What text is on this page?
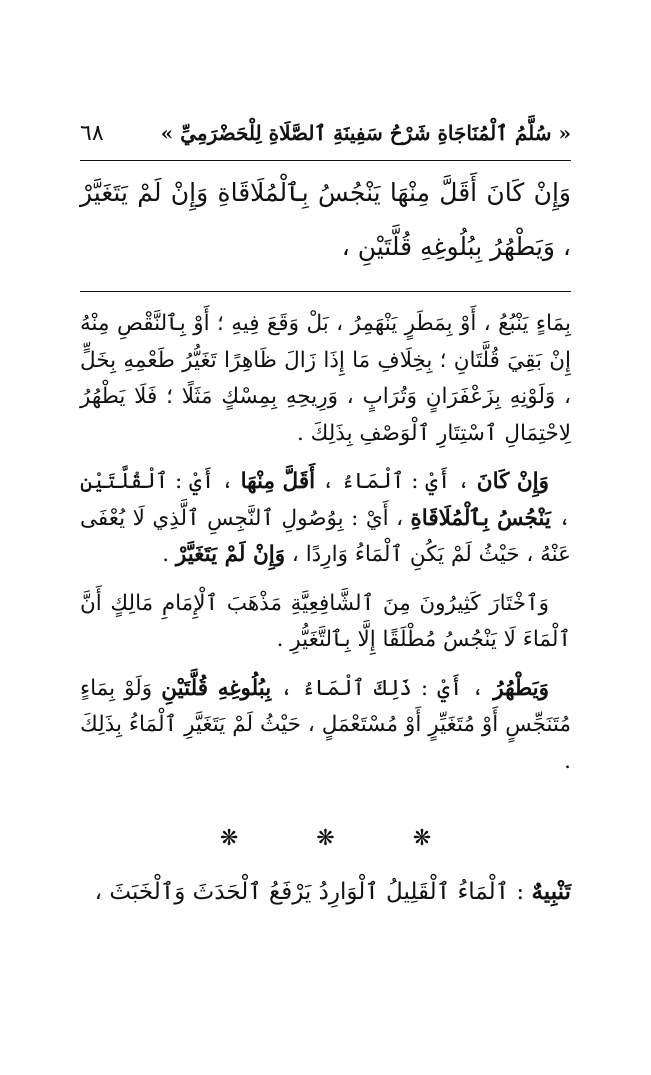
« سُلَّمُ ٱلْمُنَاجَاةِ شَرْحُ سَفِينَةِ ٱلصَّلَاةِ لِلْحَضْرَمِيِّ »
٦٨
وَإِنْ كَانَ أَقَلَّ مِنْهَا يَنْجُسُ بِٱلْمُلَاقَاةِ وَإِنْ لَمْ يَتَغَيَّرْ ، وَيَطْهُرُ بِبُلُوغِهِ قُلَّتَيْنِ ،

بِمَاءٍ يَنْبُعُ ، أَوْ بِمَطَرٍ يَنْهَمِرُ ، بَلْ وَقَعَ فِيهِ ؛ أَوْ بِٱلنَّقْصِ مِنْهُ إِنْ بَقِيَ قُلَّتَانِ ؛ بِخِلَافِ مَا إِذَا زَالَ ظَاهِرًا تَغَيُّرُ طَعْمِهِ بِخَلٍّ ، وَلَوْنِهِ بِزَعْفَرَانٍ وَتُرَابٍ ، وَرِيحِهِ بِمِسْكٍ مَثَلًا ؛ فَلَا يَطْهُرُ لِاحْتِمَالِ ٱسْتِتَارِ ٱلْوَصْفِ بِذَلِكَ .

وَإِنْ كَانَ ، أَيْ : ٱلْمَاءُ ، أَقَلَّ مِنْهَا ، أَيْ : ٱلْقُلَّتَيْنِ ، يَنْجُسُ بِٱلْمُلَاقَاةِ ، أَيْ : بِوُصُولِ ٱلنَّجِسِ ٱلَّذِي لَا يُعْفَى عَنْهُ ، حَيْثُ لَمْ يَكُنِ ٱلْمَاءُ وَارِدًا ، وَإِنْ لَمْ يَتَغَيَّرْ .

وَٱخْتَارَ كَثِيرُونَ مِنَ ٱلشَّافِعِيَّةِ مَذْهَبَ ٱلْإِمَامِ مَالِكٍ أَنَّ ٱلْمَاءَ لَا يَنْجُسُ مُطْلَقًا إِلَّا بِٱلتَّغَيُّرِ .

وَيَطْهُرُ ، أَيْ : ذَلِكَ ٱلْمَاءُ ، بِبُلُوغِهِ قُلَّتَيْنِ وَلَوْ بِمَاءٍ مُتَنَجِّسٍ أَوْ مُتَغَيِّرٍ أَوْ مُسْتَعْمَلٍ ، حَيْثُ لَمْ يَتَغَيَّرِ ٱلْمَاءُ بِذَلِكَ .

❋	❋	❋
تَنْبِيهٌ : ٱلْمَاءُ ٱلْقَلِيلُ ٱلْوَارِدُ يَرْفَعُ ٱلْحَدَثَ وَٱلْخَبَثَ ،
